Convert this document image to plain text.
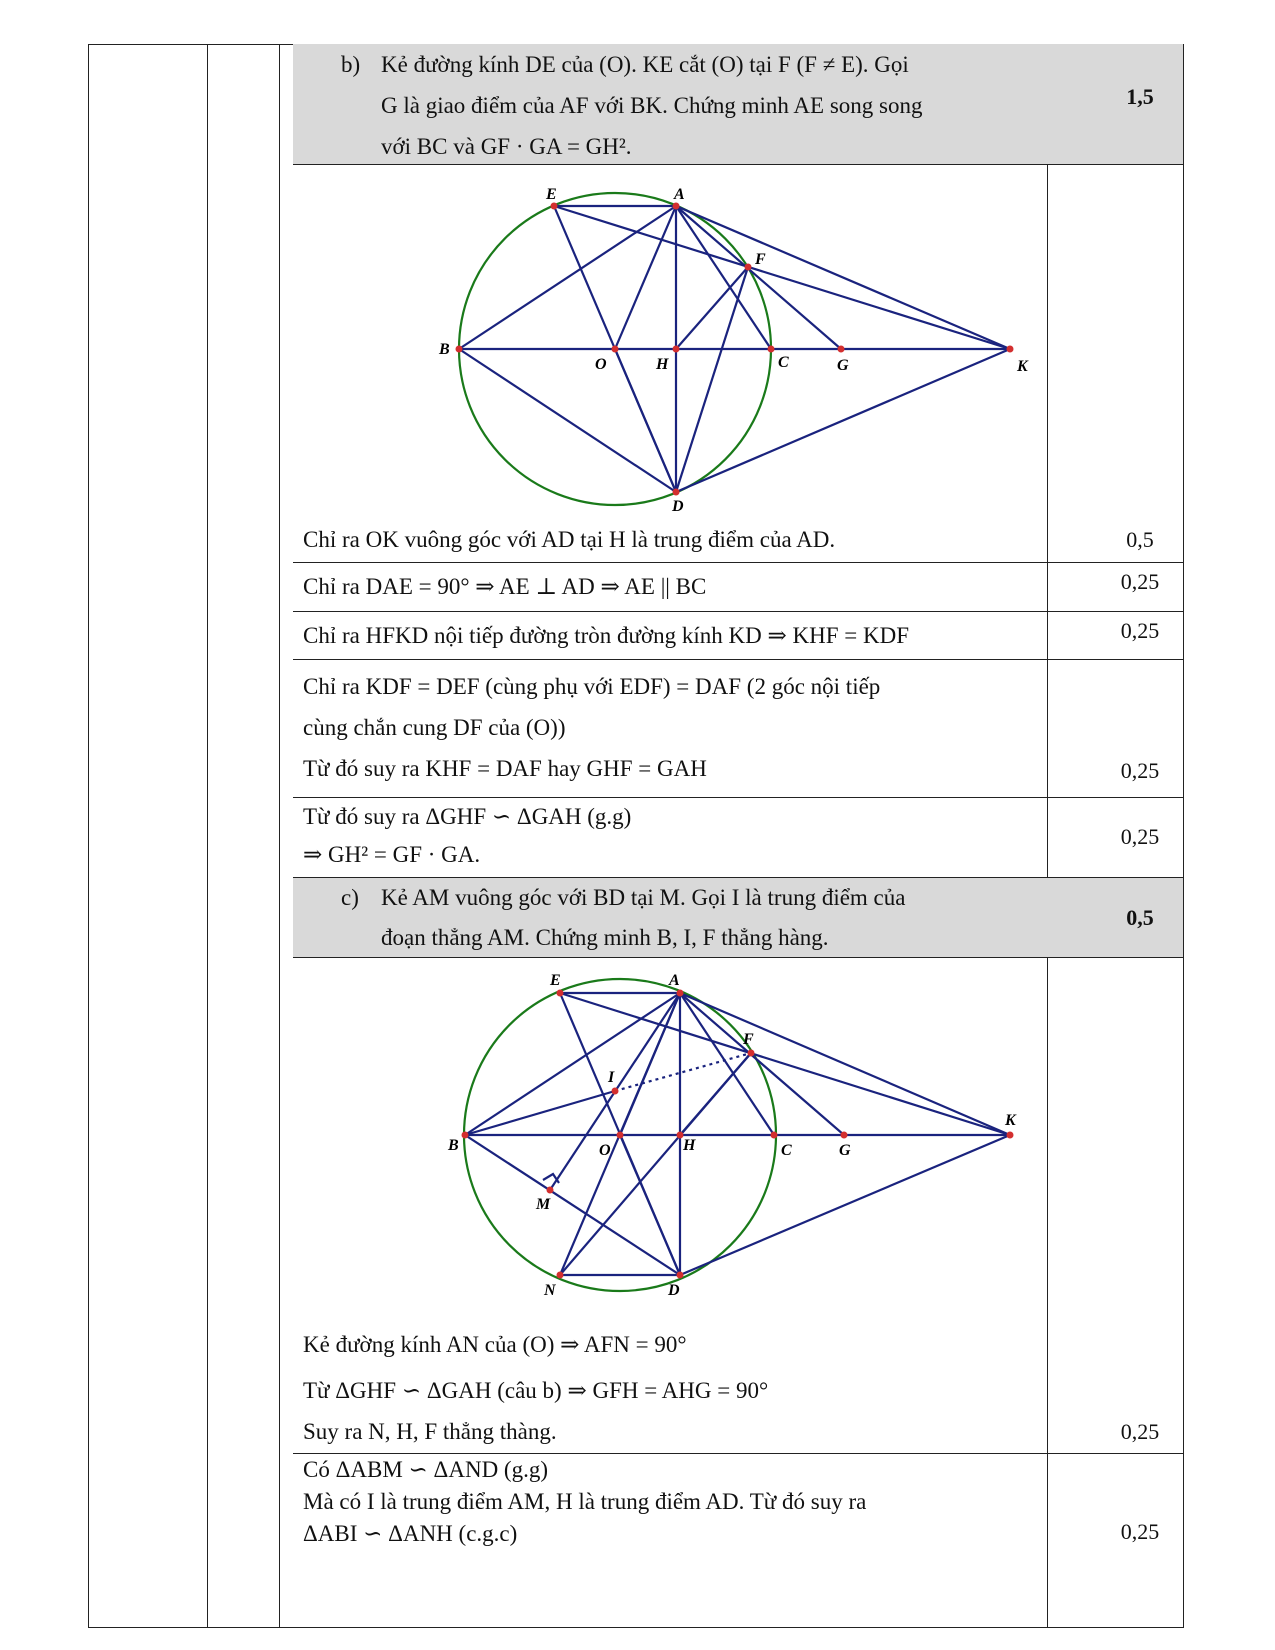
b) Kẻ đường kính DE của (O). KE cắt (O) tại F (F ≠ E). Gọi
G là giao điểm của AF với BK. Chứng minh AE song song
với BC và GF · GA = GH².
1,5
E	A
F
B
O	H	C	G	K
D
Chỉ ra OK vuông góc với AD tại H là trung điểm của AD.	0,5
Chỉ ra DAE = 90° ⇒ AE ⊥ AD ⇒ AE || BC	0,25
Chỉ ra HFKD nội tiếp đường tròn đường kính KD ⇒ KHF = KDF	0,25
Chỉ ra KDF = DEF (cùng phụ với EDF) = DAF (2 góc nội tiếp
cùng chắn cung DF của (O))
Từ đó suy ra KHF = DAF hay GHF = GAH	0,25
Từ đó suy ra ΔGHF ∽ ΔGAH (g.g)
⇒ GH² = GF · GA.
0,25
c) Kẻ AM vuông góc với BD tại M. Gọi I là trung điểm của
đoạn thẳng AM. Chứng minh B, I, F thẳng hàng.
0,5
E	A
F
I
K
B	O	H	C	G
M
N	D
Kẻ đường kính AN của (O) ⇒ AFN = 90°
Từ ΔGHF ∽ ΔGAH (câu b) ⇒ GFH = AHG = 90°
Suy ra N, H, F thẳng thàng.	0,25
Có ΔABM ∽ ΔAND (g.g)
Mà có I là trung điểm AM, H là trung điểm AD. Từ đó suy ra
ΔABI ∽ ΔANH (c.g.c)	0,25
